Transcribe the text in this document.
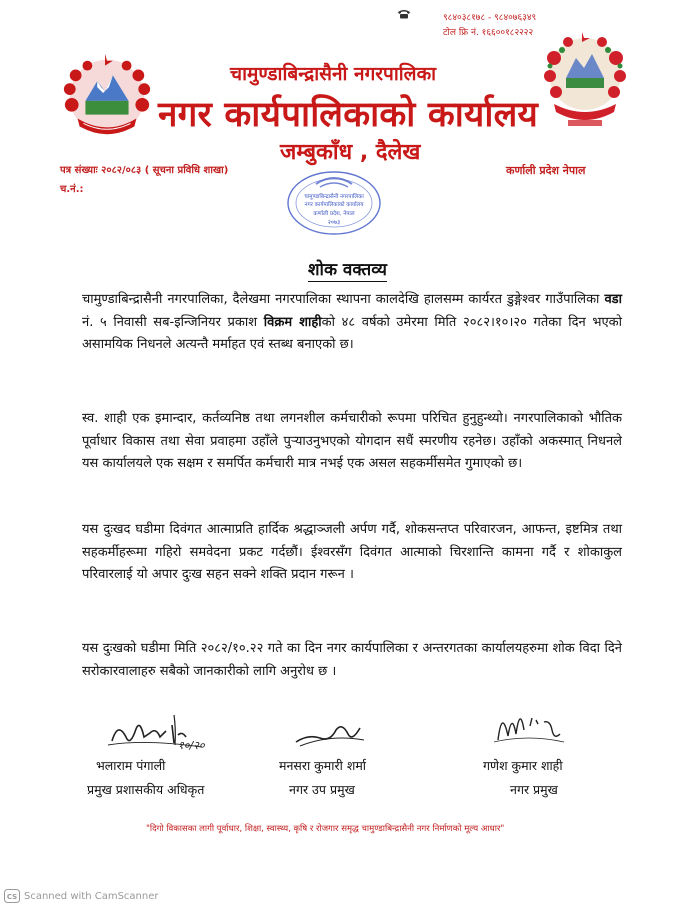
९८४०३८१७८ - ९८४०७६३४९
टोल फ्रि नं. १६६००१८२२२२
चामुण्डाबिन्द्रासैनी नगरपालिका
नगर कार्यपालिकाको कार्यालय
जम्बुकाँध , दैलेख
पत्र संख्याः २०८२/०८३ ( सूचना प्रविधि शाखा)	कर्णाली प्रदेश नेपाल
च.नं.:
चामुण्डाबिन्द्रासैनी नगरपालिका
नगर कार्यपालिकाको कार्यालय
कर्णाली प्रदेश, नेपाल
२०७३
शोक वक्तव्य
चामुण्डाबिन्द्रासैनी नगरपालिका, दैलेखमा नगरपालिका स्थापना कालदेखि हालसम्म कार्यरत डुङ्गेश्वर गाउँपालिका वडा नं. ५ निवासी सब-इन्जिनियर प्रकाश विक्रम शाहीको ४८ वर्षको उमेरमा मिति २०८२।१०।२० गतेका दिन भएको असामयिक निधनले अत्यन्तै मर्माहत एवं स्तब्ध बनाएको छ।
स्व. शाही एक इमान्दार, कर्तव्यनिष्ठ तथा लगनशील कर्मचारीको रूपमा परिचित हुनुहुन्थ्यो। नगरपालिकाको भौतिक पूर्वाधार विकास तथा सेवा प्रवाहमा उहाँले पुऱ्याउनुभएको योगदान सधैं स्मरणीय रहनेछ। उहाँको अकस्मात् निधनले यस कार्यालयले एक सक्षम र समर्पित कर्मचारी मात्र नभई एक असल सहकर्मीसमेत गुमाएको छ।
यस दुःखद घडीमा दिवंगत आत्माप्रति हार्दिक श्रद्धाञ्जली अर्पण गर्दै, शोकसन्तप्त परिवारजन, आफन्त, इष्टमित्र तथा सहकर्मीहरूमा गहिरो समवेदना प्रकट गर्दछौं। ईश्वरसँग दिवंगत आत्माको चिरशान्ति कामना गर्दै र शोकाकुल परिवारलाई यो अपार दुःख सहन सक्ने शक्ति प्रदान गरून ।
यस दुःखको घडीमा मिति २०८२/१०.२२ गते का दिन नगर कार्यपालिका र अन्तरगतका कार्यालयहरुमा शोक विदा दिने सरोकारवालाहरु सबैको जानकारीको लागि अनुरोध छ ।
१०/२०
भलाराम पंगाली
प्रमुख प्रशासकीय अधिकृत
मनसरा कुमारी शर्मा
नगर उप प्रमुख
गणेश कुमार शाही
नगर प्रमुख
"दिगो विकासका लागी पूर्वाधार, शिक्षा, स्वास्थ्य, कृषि र रोजगार समृद्ध चामुण्डाबिन्द्रासैनी नगर निर्माणको मूल्य आधार"
CS Scanned with CamScanner
